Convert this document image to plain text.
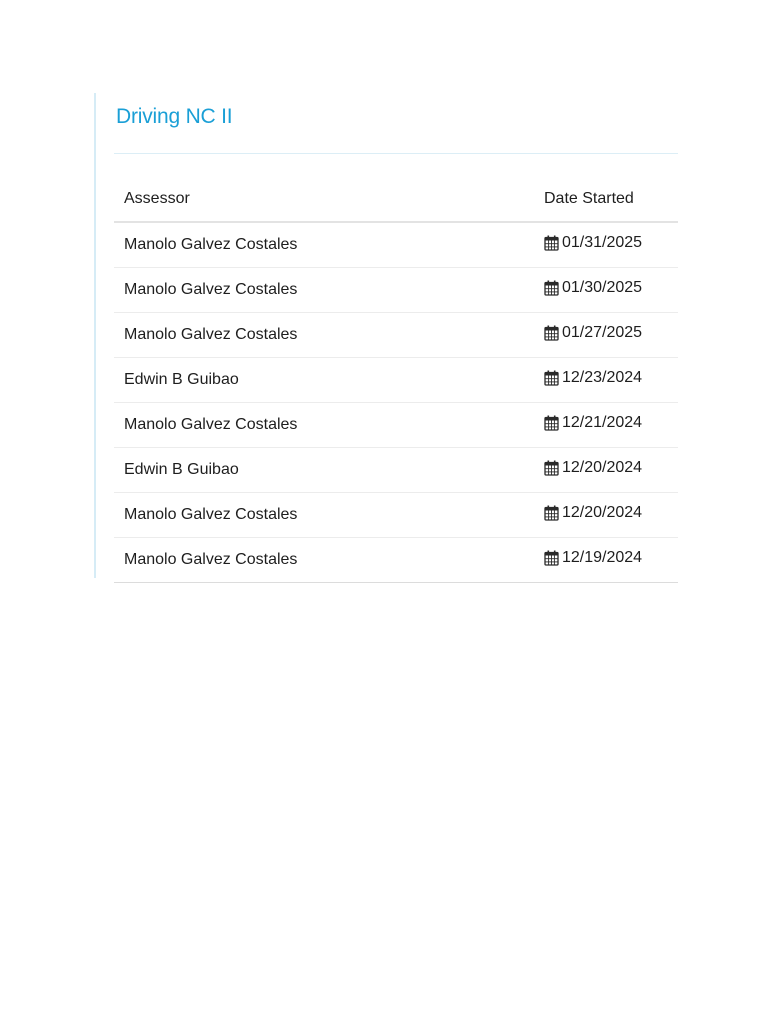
Driving NC II
Assessor	Date Started
Manolo Galvez Costales	01/31/2025

Manolo Galvez Costales	01/30/2025

Manolo Galvez Costales	01/27/2025

Edwin B Guibao	12/23/2024

Manolo Galvez Costales	12/21/2024

Edwin B Guibao	12/20/2024

Manolo Galvez Costales	12/20/2024

Manolo Galvez Costales	12/19/2024
